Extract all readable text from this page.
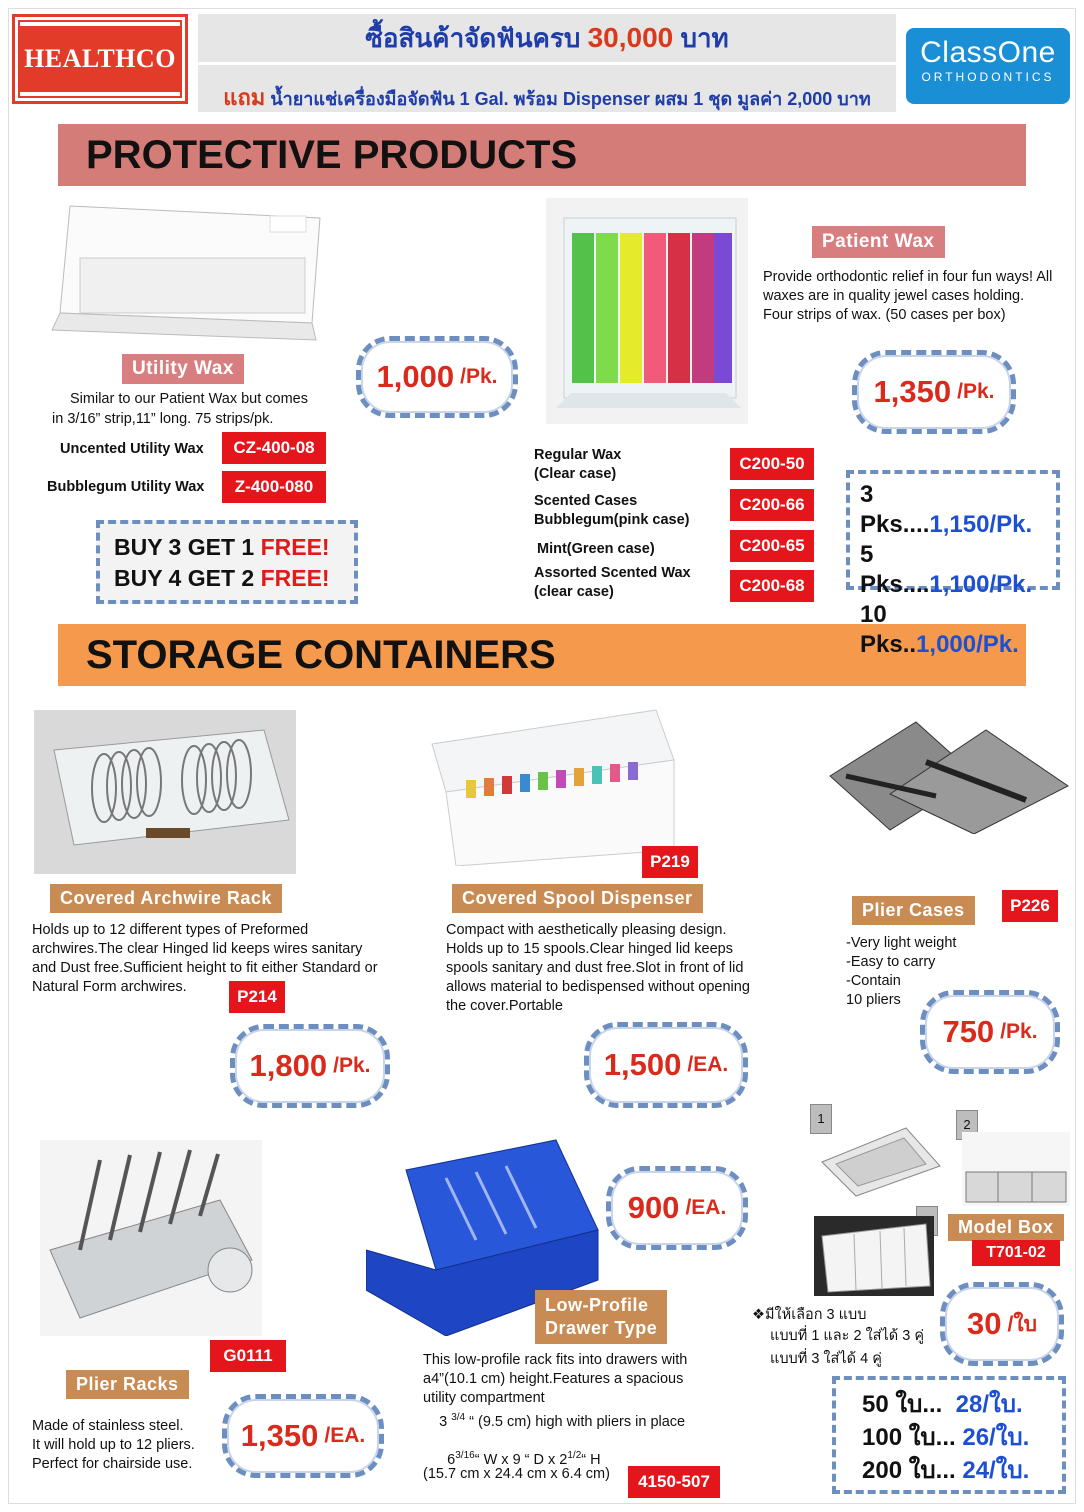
HEALTHCO
ซื้อสินค้าจัดฟันครบ 30,000 บาท
แถม น้ำยาแช่เครื่องมือจัดฟัน 1 Gal. พร้อม Dispenser ผสม 1 ชุด มูลค่า 2,000 บาท
ClassOne
ORTHODONTICS
PROTECTIVE PRODUCTS
STORAGE CONTAINERS
Utility Wax
Similar to our Patient Wax but comes
in 3/16” strip,11” long. 75 strips/pk.
Uncented Utility Wax	CZ-400-08
Bubblegum Utility Wax	Z-400-080
1,000 /Pk.
BUY 3 GET 1 FREE!
BUY 4 GET 2 FREE!
Patient Wax
Provide orthodontic relief in four fun ways! All waxes are in quality jewel cases holding. Four strips of wax. (50 cases per box)
1,350 /Pk.
Regular Wax
(Clear case)
C200-50
Scented Cases
Bubblegum(pink case)
C200-66
Mint(Green case)	C200-65
Assorted Scented Wax
(clear case)	C200-68
3 Pks....1,150/Pk.
5 Pks....1,100/Pk.
10 Pks..1,000/Pk.
Covered Archwire Rack
Holds up to 12 different types of Preformed archwires.The clear Hinged lid keeps wires sanitary and Dust free.Sufficient height to fit either Standard or Natural Form archwires.	P214
1,800 /Pk.
P219
Covered Spool Dispenser
Compact with aesthetically pleasing design. Holds up to 15 spools.Clear hinged lid keeps spools sanitary and dust free.Slot in front of lid allows material to bedispensed without opening the cover.Portable
1,500 /EA.
Plier Cases	P226
-Very light weight
-Easy to carry
-Contain
10 pliers
750 /Pk.
G0111
Plier Racks
Made of stainless steel.
It will hold up to 12 pliers.
Perfect for chairside use.
1,350 /EA.
Low-Profile
Drawer Type
900 /EA.
This low-profile rack fits into drawers with a4”(10.1 cm) height.Features a spacious utility compartment
3 $^{3/4}$ “ (9.5 cm) high with pliers in place
$6^{3/16}“$ W x 9 “ D x $2^{1/2}“$ H
(15.7 cm x 24.4 cm x 6.4 cm)	4150-507
1	2
Model Box
T701-02
❖มีให้เลือก 3 แบบ
แบบที่ 1 และ 2 ใส่ได้ 3 คู่
แบบที่ 3 ใส่ได้ 4 คู่
30 /ใบ
50 ใบ... 28/ใบ.
100 ใบ... 26/ใบ.
200 ใบ... 24/ใบ.
